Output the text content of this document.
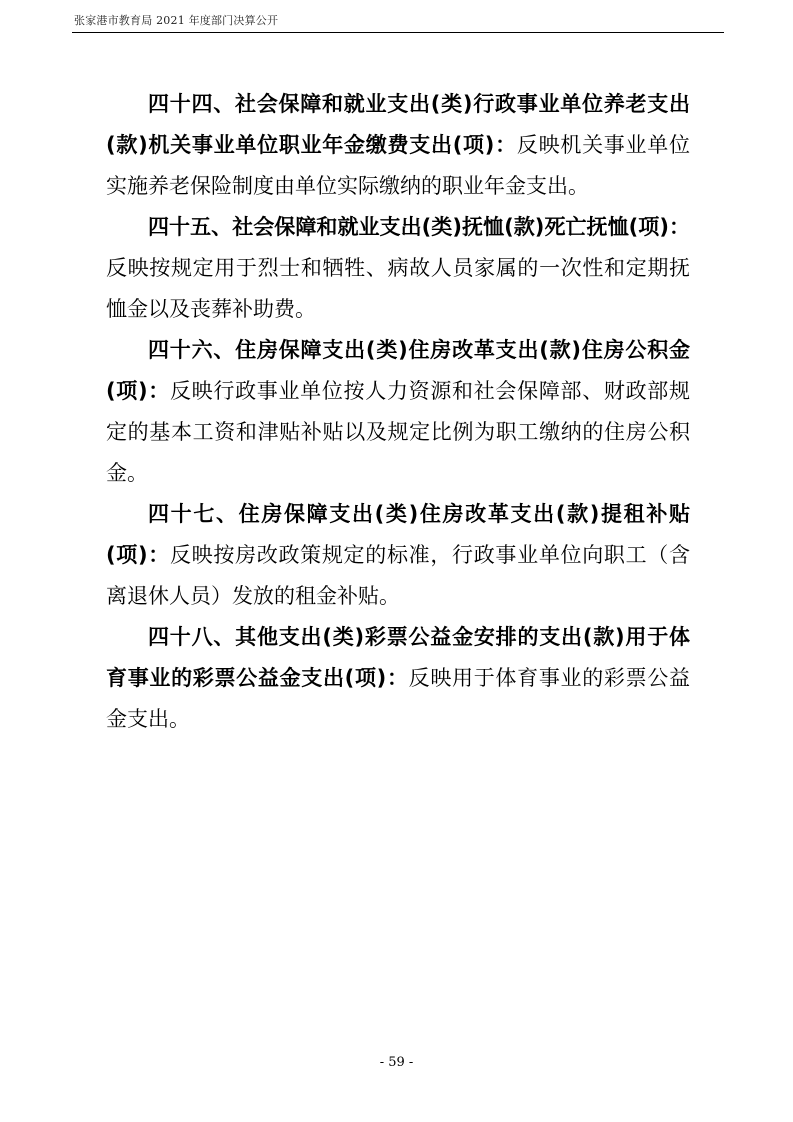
张家港市教育局 2021 年度部门决算公开

四十四、社会保障和就业支出(类)行政事业单位养老支出(款)机关事业单位职业年金缴费支出(项)：反映机关事业单位实施养老保险制度由单位实际缴纳的职业年金支出。

四十五、社会保障和就业支出(类)抚恤(款)死亡抚恤(项)：反映按规定用于烈士和牺牲、病故人员家属的一次性和定期抚恤金以及丧葬补助费。

四十六、住房保障支出(类)住房改革支出(款)住房公积金(项)：反映行政事业单位按人力资源和社会保障部、财政部规定的基本工资和津贴补贴以及规定比例为职工缴纳的住房公积金。

四十七、住房保障支出(类)住房改革支出(款)提租补贴(项)：反映按房改政策规定的标准，行政事业单位向职工（含离退休人员）发放的租金补贴。

四十八、其他支出(类)彩票公益金安排的支出(款)用于体育事业的彩票公益金支出(项)：反映用于体育事业的彩票公益金支出。

- 59 -
